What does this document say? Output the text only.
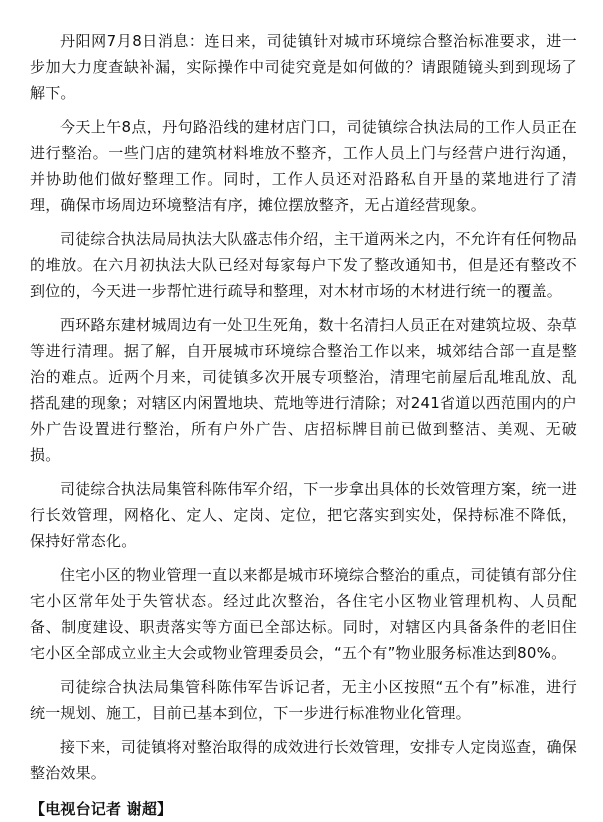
丹阳网7月8日消息：连日来，司徒镇针对城市环境综合整治标准要求，进一步加大力度查缺补漏，实际操作中司徒究竟是如何做的？请跟随镜头到到现场了解下。

今天上午8点，丹句路沿线的建材店门口，司徒镇综合执法局的工作人员正在进行整治。一些门店的建筑材料堆放不整齐，工作人员上门与经营户进行沟通，并协助他们做好整理工作。同时，工作人员还对沿路私自开垦的菜地进行了清理，确保市场周边环境整洁有序，摊位摆放整齐，无占道经营现象。

司徒综合执法局局执法大队盛志伟介绍，主干道两米之内，不允许有任何物品的堆放。在六月初执法大队已经对每家每户下发了整改通知书，但是还有整改不到位的，今天进一步帮忙进行疏导和整理，对木材市场的木材进行统一的覆盖。

西环路东建材城周边有一处卫生死角，数十名清扫人员正在对建筑垃圾、杂草等进行清理。据了解，自开展城市环境综合整治工作以来，城郊结合部一直是整治的难点。近两个月来，司徒镇多次开展专项整治，清理宅前屋后乱堆乱放、乱搭乱建的现象；对辖区内闲置地块、荒地等进行清除；对241省道以西范围内的户外广告设置进行整治，所有户外广告、店招标牌目前已做到整洁、美观、无破损。

司徒综合执法局集管科陈伟军介绍，下一步拿出具体的长效管理方案，统一进行长效管理，网格化、定人、定岗、定位，把它落实到实处，保持标准不降低，保持好常态化。

住宅小区的物业管理一直以来都是城市环境综合整治的重点，司徒镇有部分住宅小区常年处于失管状态。经过此次整治，各住宅小区物业管理机构、人员配备、制度建设、职责落实等方面已全部达标。同时，对辖区内具备条件的老旧住宅小区全部成立业主大会或物业管理委员会，“五个有”物业服务标准达到80%。

司徒综合执法局集管科陈伟军告诉记者，无主小区按照“五个有”标准，进行统一规划、施工，目前已基本到位，下一步进行标准物业化管理。

接下来，司徒镇将对整治取得的成效进行长效管理，安排专人定岗巡查，确保整治效果。

【电视台记者 谢超】
